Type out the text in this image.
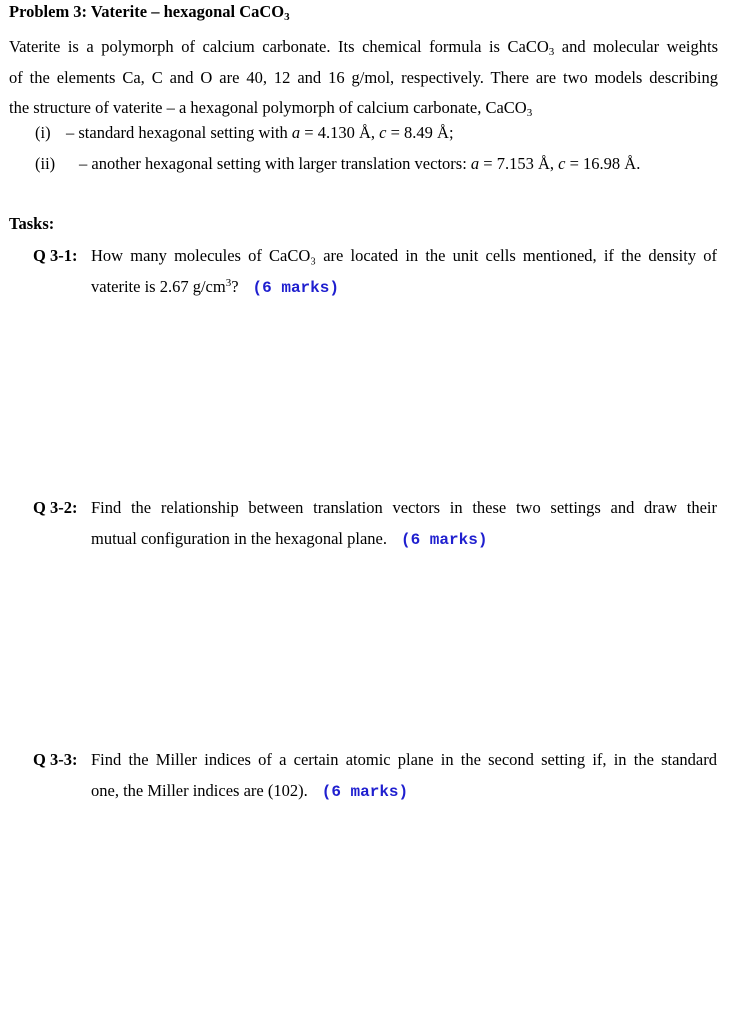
Problem 3: Vaterite – hexagonal CaCO$_3$
Vaterite is a polymorph of calcium carbonate. Its chemical formula is CaCO$_3$ and molecular weights
of the elements Ca, C and O are 40, 12 and 16 g/mol, respectively. There are two models describing
the structure of vaterite – a hexagonal polymorph of calcium carbonate, CaCO$_3$
(i) – standard hexagonal setting with a = 4.130 Å, c = 8.49 Å;
(ii) – another hexagonal setting with larger translation vectors: a = 7.153 Å, c = 16.98 Å.
Tasks:
Q 3-1: How many molecules of CaCO₃ are located in the unit cells mentioned, if the density of
vaterite is 2.67 $g/cm^3$? (6 marks)
Q 3-2: Find the relationship between translation vectors in these two settings and draw their
mutual configuration in the hexagonal plane. (6 marks)
Q 3-3: Find the Miller indices of a certain atomic plane in the second setting if, in the standard
one, the Miller indices are (102). (6 marks)
